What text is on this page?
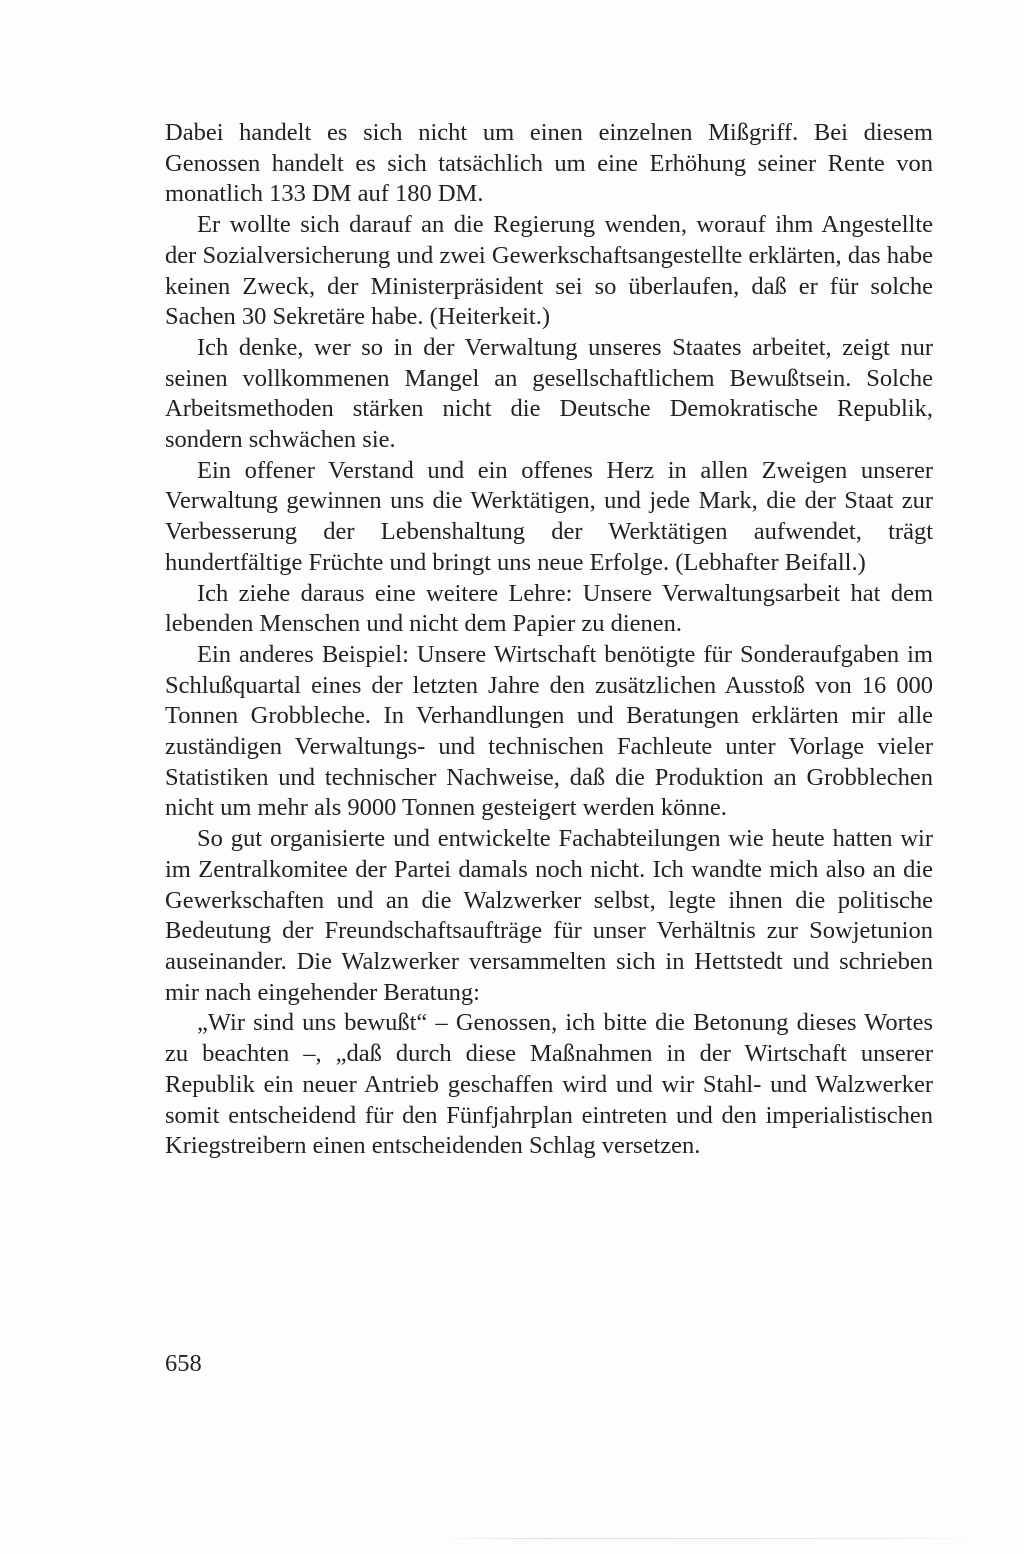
Dabei handelt es sich nicht um einen einzelnen Mißgriff. Bei diesem Genossen handelt es sich tatsächlich um eine Erhöhung seiner Rente von monatlich 133 DM auf 180 DM.

Er wollte sich darauf an die Regierung wenden, worauf ihm Angestellte der Sozialversicherung und zwei Gewerkschaftsangestellte erklärten, das habe keinen Zweck, der Ministerpräsident sei so überlaufen, daß er für solche Sachen 30 Sekretäre habe. (Heiterkeit.)

Ich denke, wer so in der Verwaltung unseres Staates arbeitet, zeigt nur seinen vollkommenen Mangel an gesellschaftlichem Bewußtsein. Solche Arbeitsmethoden stärken nicht die Deutsche Demokratische Republik, sondern schwächen sie.

Ein offener Verstand und ein offenes Herz in allen Zweigen unserer Verwaltung gewinnen uns die Werktätigen, und jede Mark, die der Staat zur Verbesserung der Lebenshaltung der Werktätigen aufwendet, trägt hundertfältige Früchte und bringt uns neue Erfolge. (Lebhafter Beifall.)

Ich ziehe daraus eine weitere Lehre: Unsere Verwaltungsarbeit hat dem lebenden Menschen und nicht dem Papier zu dienen.

Ein anderes Beispiel: Unsere Wirtschaft benötigte für Sonderaufgaben im Schlußquartal eines der letzten Jahre den zusätzlichen Ausstoß von 16 000 Tonnen Grobbleche. In Verhandlungen und Beratungen erklärten mir alle zuständigen Verwaltungs- und technischen Fachleute unter Vorlage vieler Statistiken und technischer Nachweise, daß die Produktion an Grobblechen nicht um mehr als 9000 Tonnen gesteigert werden könne.

So gut organisierte und entwickelte Fachabteilungen wie heute hatten wir im Zentralkomitee der Partei damals noch nicht. Ich wandte mich also an die Gewerkschaften und an die Walzwerker selbst, legte ihnen die politische Bedeutung der Freundschaftsaufträge für unser Verhältnis zur Sowjetunion auseinander. Die Walzwerker versammelten sich in Hettstedt und schrieben mir nach eingehender Beratung:

„Wir sind uns bewußt“ – Genossen, ich bitte die Betonung dieses Wortes zu beachten –, „daß durch diese Maßnahmen in der Wirtschaft unserer Republik ein neuer Antrieb geschaffen wird und wir Stahl- und Walzwerker somit entscheidend für den Fünfjahrplan eintreten und den imperialistischen Kriegstreibern einen entscheidenden Schlag versetzen.

658
